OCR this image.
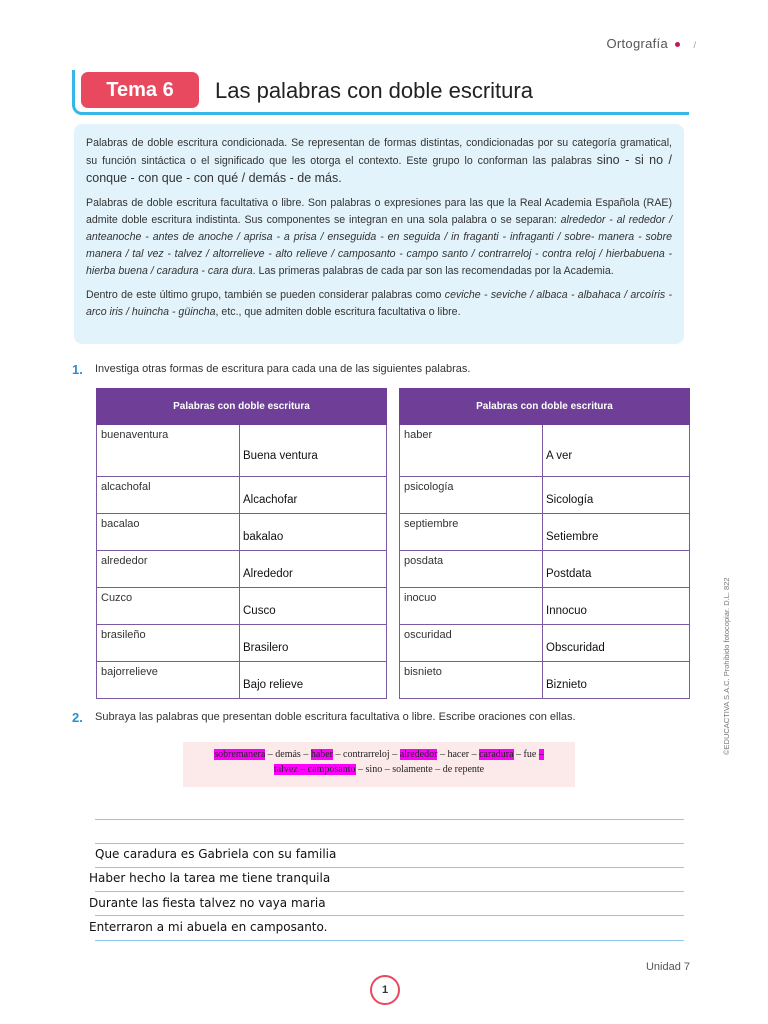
Ortografía	/
Tema 6	Las palabras con doble escritura

Palabras de doble escritura condicionada. Se representan de formas distintas, condicionadas por su categoría gramatical, su función sintáctica o el significado que les otorga el contexto. Este grupo lo conforman las palabras sino - si no / conque - con que - con qué / demás - de más.

Palabras de doble escritura facultativa o libre. Son palabras o expresiones para las que la Real Academia Española (RAE) admite doble escritura indistinta. Sus componentes se integran en una sola palabra o se separan: alrededor - al rededor / anteanoche - antes de anoche / aprisa - a prisa / enseguida - en seguida / in fraganti - infraganti / sobre- manera - sobre manera / tal vez - talvez / altorrelieve - alto relieve / camposanto - campo santo / contrarreloj - contra reloj / hierbabuena - hierba buena / caradura - cara dura. Las primeras palabras de cada par son las recomendadas por la Academia.

Dentro de este último grupo, también se pueden considerar palabras como ceviche - seviche / albaca - albahaca / arcoíris - arco iris / huincha - güincha, etc., que admiten doble escritura facultativa o libre.

1. Investiga otras formas de escritura para cada una de las siguientes palabras.
Palabras con doble escritura	
buenaventura	Buena ventura
alcachofal	Alcachofar
bacalao	bakalao
alrededor	Alrededor
Cuzco	Cusco
brasileño	Brasilero
bajorrelieve	Bajo relieve
Palabras con doble escritura	
haber	A ver
psicología	Sicología
septiembre	Setiembre
posdata	Postdata
inocuo	Innocuo
oscuridad	Obscuridad
bisnieto	Biznieto
2. Subraya las palabras que presentan doble escritura facultativa o libre. Escribe oraciones con ellas.
sobremanera – demás – haber – contrarreloj – alrededor – hacer – caradura – fue –
talvez – camposanto – sino – solamente – de repente
Que caradura es Gabriela con su familia
Haber hecho la tarea me tiene tranquila
Durante las fiesta talvez no vaya maria
Enterraron a mi abuela en camposanto.
©EDUCACTIVA S.A.C. Prohibido fotocopiar. D.L. 822
Unidad 7
1
